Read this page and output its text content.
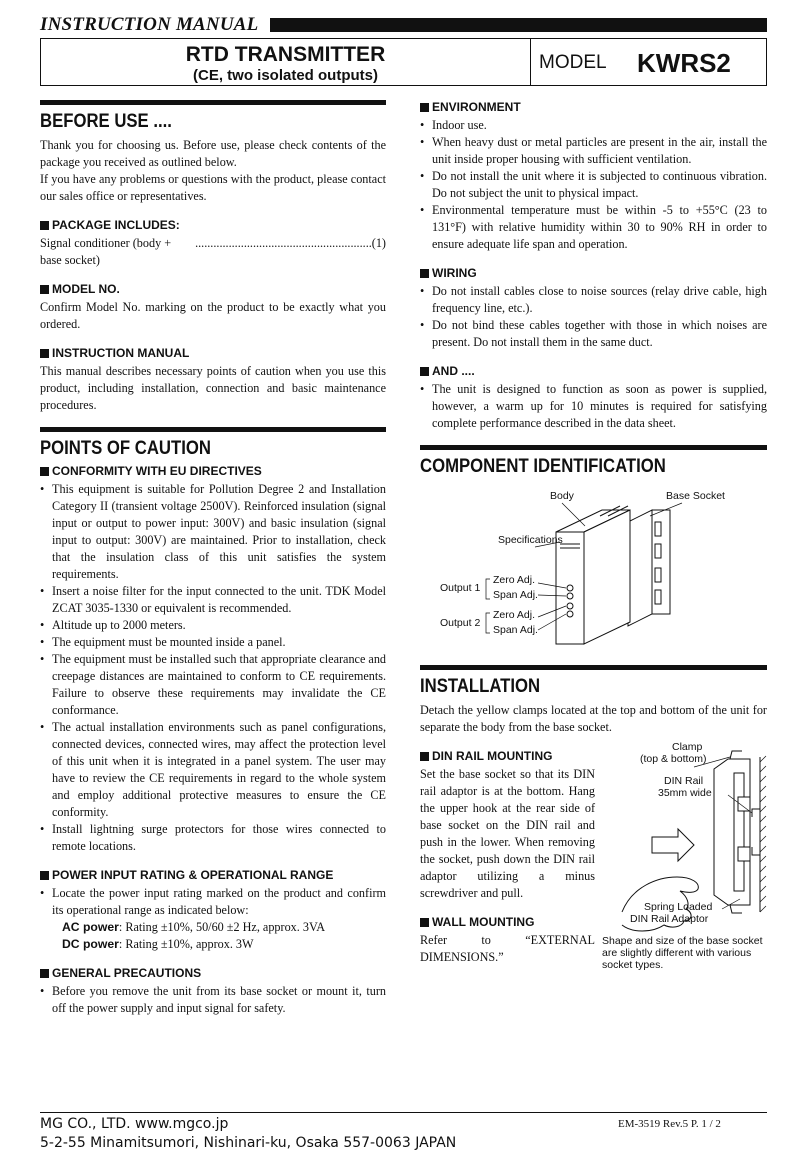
INSTRUCTION MANUAL
RTD TRANSMITTER
(CE, two isolated outputs)
MODEL KWRS2
BEFORE USE ....

Thank you for choosing us. Before use, please check contents of the package you received as outlined below.

If you have any problems or questions with the product, please contact our sales office or representatives.

PACKAGE INCLUDES:
Signal conditioner (body + base socket)
.......................................................... (1)
MODEL NO.

Confirm Model No. marking on the product to be exactly what you ordered.

INSTRUCTION MANUAL

This manual describes necessary points of caution when you use this product, including installation, connection and basic maintenance procedures.

POINTS OF CAUTION
CONFORMITY WITH EU DIRECTIVES
• This equipment is suitable for Pollution Degree 2 and Installation Category II (transient voltage 2500V). Reinforced insulation (signal input or output to power input: 300V) and basic insulation (signal input to output: 300V) are maintained. Prior to installation, check that the insulation class of this unit satisfies the system requirements.
• Insert a noise filter for the input connected to the unit. TDK Model ZCAT 3035-1330 or equivalent is recommended.
• Altitude up to 2000 meters.
• The equipment must be mounted inside a panel.
• The equipment must be installed such that appropriate clearance and creepage distances are maintained to conform to CE requirements. Failure to observe these requirements may invalidate the CE conformance.
• The actual installation environments such as panel configurations, connected devices, connected wires, may affect the protection level of this unit when it is integrated in a panel system. The user may have to review the CE requirements in regard to the whole system and employ additional protective measures to ensure the CE conformity.
• Install lightning surge protectors for those wires connected to remote locations.
POWER INPUT RATING & OPERATIONAL RANGE
• Locate the power input rating marked on the product and confirm its operational range as indicated below:
AC power: Rating ±10%, 50/60 ±2 Hz, approx. 3VA
DC power: Rating ±10%, approx. 3W
GENERAL PRECAUTIONS
• Before you remove the unit from its base socket or mount it, turn off the power supply and input signal for safety.
ENVIRONMENT
• Indoor use.
• When heavy dust or metal particles are present in the air, install the unit inside proper housing with sufficient ventilation.
• Do not install the unit where it is subjected to continuous vibration. Do not subject the unit to physical impact.
• Environmental temperature must be within -5 to +55°C (23 to 131°F) with relative humidity within 30 to 90% RH in order to ensure adequate life span and operation.
WIRING
• Do not install cables close to noise sources (relay drive cable, high frequency line, etc.).
• Do not bind these cables together with those in which noises are present. Do not install them in the same duct.
AND ....
• The unit is designed to function as soon as power is supplied, however, a warm up for 10 minutes is required for satisfying complete performance described in the data sheet.
COMPONENT IDENTIFICATION
Body	Base Socket
Specifications
Output 1
Zero Adj.
Span Adj.
Output 2
Zero Adj.
Span Adj.
INSTALLATION

Detach the yellow clamps located at the top and bottom of the unit for separate the body from the base socket.

DIN RAIL MOUNTING

Set the base socket so that its DIN rail adaptor is at the bottom. Hang the upper hook at the rear side of base socket on the DIN rail and push in the lower. When removing the socket, push down the DIN rail adaptor utilizing a minus screwdriver and pull.

WALL MOUNTING

Refer to “EXTERNAL DIMENSIONS.”

Clamp
(top & bottom)
DIN Rail
35mm wide
Spring Loaded
DIN Rail Adaptor
Shape and size of the base socket are slightly different with various socket types.
MG CO., LTD. www.mgco.jp
5-2-55 Minamitsumori, Nishinari-ku, Osaka 557-0063 JAPAN
EM-3519 Rev.5 P. 1 / 2
